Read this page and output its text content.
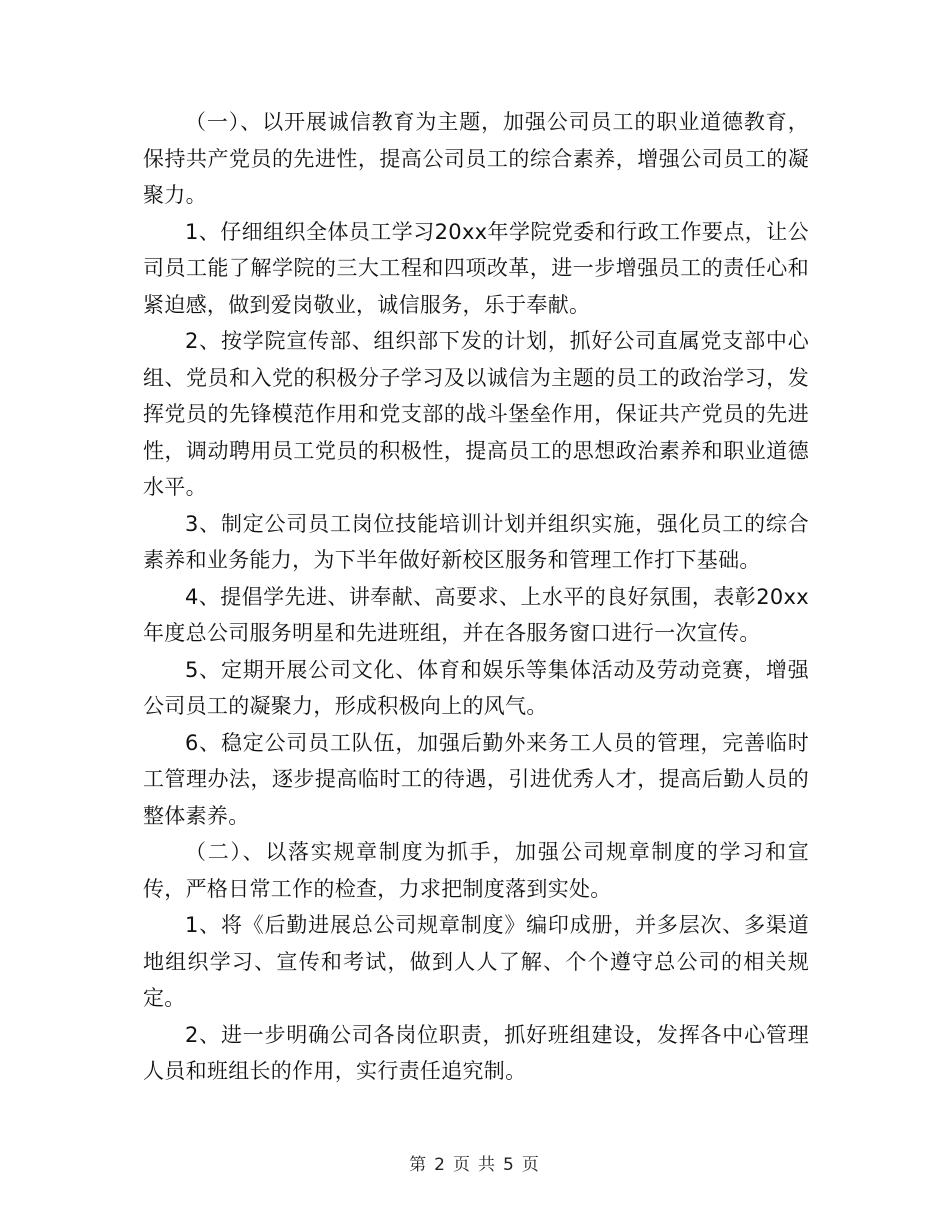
（一）、以开展诚信教育为主题，加强公司员工的职业道德教育，保持共产党员的先进性，提高公司员工的综合素养，增强公司员工的凝聚力。

1、仔细组织全体员工学习20xx年学院党委和行政工作要点，让公司员工能了解学院的三大工程和四项改革，进一步增强员工的责任心和紧迫感，做到爱岗敬业，诚信服务，乐于奉献。

2、按学院宣传部、组织部下发的计划，抓好公司直属党支部中心组、党员和入党的积极分子学习及以诚信为主题的员工的政治学习，发挥党员的先锋模范作用和党支部的战斗堡垒作用，保证共产党员的先进性，调动聘用员工党员的积极性，提高员工的思想政治素养和职业道德水平。

3、制定公司员工岗位技能培训计划并组织实施，强化员工的综合素养和业务能力，为下半年做好新校区服务和管理工作打下基础。

4、提倡学先进、讲奉献、高要求、上水平的良好氛围，表彰20xx年度总公司服务明星和先进班组，并在各服务窗口进行一次宣传。

5、定期开展公司文化、体育和娱乐等集体活动及劳动竞赛，增强公司员工的凝聚力，形成积极向上的风气。

6、稳定公司员工队伍，加强后勤外来务工人员的管理，完善临时工管理办法，逐步提高临时工的待遇，引进优秀人才，提高后勤人员的整体素养。

（二）、以落实规章制度为抓手，加强公司规章制度的学习和宣传，严格日常工作的检查，力求把制度落到实处。

1、将《后勤进展总公司规章制度》编印成册，并多层次、多渠道地组织学习、宣传和考试，做到人人了解、个个遵守总公司的相关规定。

2、进一步明确公司各岗位职责，抓好班组建设，发挥各中心管理人员和班组长的作用，实行责任追究制。

第 2 页 共 5 页
